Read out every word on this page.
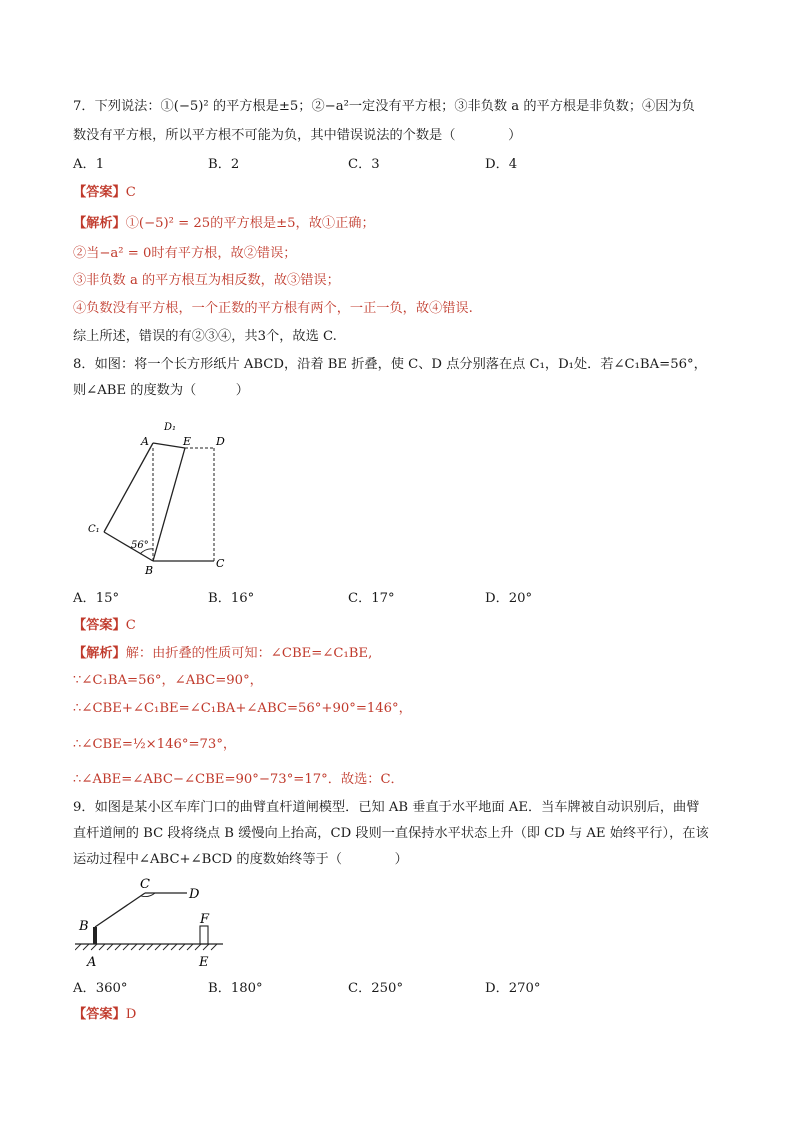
7．下列说法：①(−5)² 的平方根是±5；②−a²一定没有平方根；③非负数 a 的平方根是非负数；④因为负
数没有平方根，所以平方根不可能为负，其中错误说法的个数是（　　　　）
A．1	B．2	C．3	D．4
【答案】C
【解析】①(−5)² = 25的平方根是±5，故①正确；
②当−a² = 0时有平方根，故②错误；
③非负数 a 的平方根互为相反数，故③错误；
④负数没有平方根，一个正数的平方根有两个，一正一负，故④错误.
综上所述，错误的有②③④，共3个，故选 C.
8．如图：将一个长方形纸片 ABCD，沿着 BE 折叠，使 C、D 点分别落在点 C₁，D₁处．若∠C₁BA=56°，
则∠ABE 的度数为（　　　）
D₁
A	E D
C₁
56°
B
C
A．15°	B．16°	C．17°	D．20°
【答案】C
【解析】解：由折叠的性质可知：∠CBE=∠C₁BE,
∵∠C₁BA=56°，∠ABC=90°，
∴∠CBE+∠C₁BE=∠C₁BA+∠ABC=56°+90°=146°，
∴∠CBE=½×146°=73°，
∴∠ABE=∠ABC−∠CBE=90°−73°=17°．故选：C．
9．如图是某小区车库门口的曲臂直杆道闸模型．已知 AB 垂直于水平地面 AE．当车牌被自动识别后，曲臂
直杆道闸的 BC 段将绕点 B 缓慢向上抬高，CD 段则一直保持水平状态上升（即 CD 与 AE 始终平行），在该
运动过程中∠ABC+∠BCD 的度数始终等于（　　　　）
C
D
B	F
A	E
A．360°	B．180°	C．250°	D．270°
【答案】D
